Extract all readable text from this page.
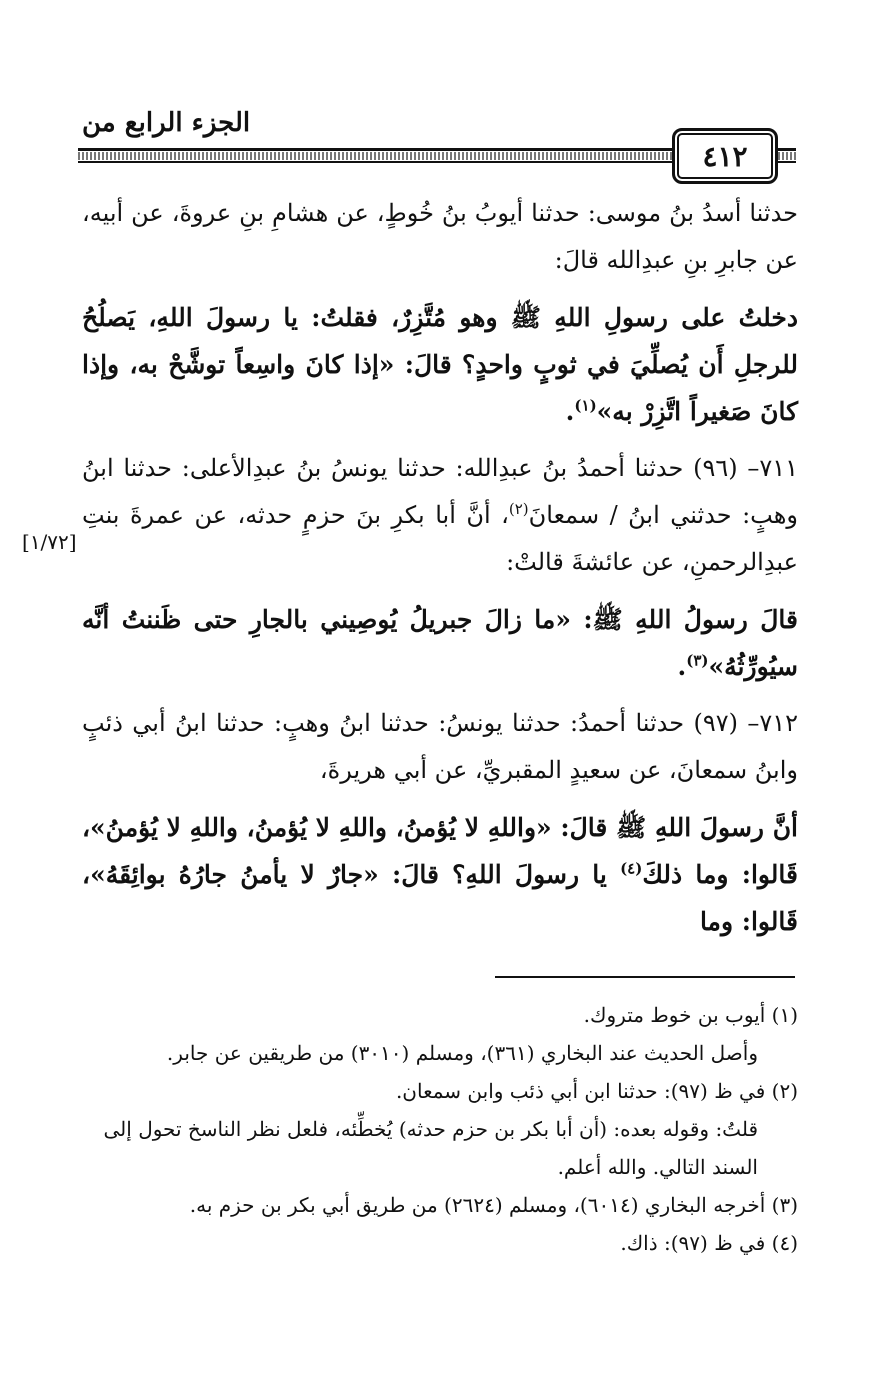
الجزء الرابع من
٤١٢
[١/٧٢]

حدثنا أسدُ بنُ موسى: حدثنا أيوبُ بنُ خُوطٍ، عن هشامِ بنِ عروةَ، عن أبيه، عن جابرِ بنِ عبدِالله قالَ:

دخلتُ على رسولِ اللهِ ﷺ وهو مُتَّزِرٌ، فقلتُ: يا رسولَ اللهِ، يَصلُحُ للرجلِ أَن يُصلِّيَ في ثوبٍ واحدٍ؟ قالَ: «إذا كانَ واسِعاً توشَّحْ به، وإذا كانَ صَغيراً اتَّزِرْ به»$^{(١)}$.

٧١١– (٩٦) حدثنا أحمدُ بنُ عبدِالله: حدثنا يونسُ بنُ عبدِالأعلى: حدثنا ابنُ وهبٍ: حدثني ابنُ / سمعانَ$^{(٢)}$، أنَّ أبا بكرِ بنَ حزمٍ حدثه، عن عمرةَ بنتِ عبدِالرحمنِ، عن عائشةَ قالتْ:

قالَ رسولُ اللهِ ﷺ: «ما زالَ جبريلُ يُوصِيني بالجارِ حتى ظَننتُ أنَّه سيُورِّثُهُ»$^{(٣)}$.

٧١٢– (٩٧) حدثنا أحمدُ: حدثنا يونسُ: حدثنا ابنُ وهبٍ: حدثنا ابنُ أبي ذئبٍ وابنُ سمعانَ، عن سعيدٍ المقبريِّ، عن أبي هريرةَ،

أنَّ رسولَ اللهِ ﷺ قالَ: «واللهِ لا يُؤمنُ، واللهِ لا يُؤمنُ، واللهِ لا يُؤمنُ»، قَالوا: وما ذلكَ$^{(٤)}$ يا رسولَ اللهِ؟ قالَ: «جارٌ لا يأمنُ جارُهُ بوائِقَهُ»، قَالوا: وما

(١) أيوب بن خوط متروك.

وأصل الحديث عند البخاري (٣٦١)، ومسلم (٣٠١٠) من طريقين عن جابر.

(٢) في ظ (٩٧): حدثنا ابن أبي ذئب وابن سمعان.

قلتُ: وقوله بعده: (أن أبا بكر بن حزم حدثه) يُخطِّئه، فلعل نظر الناسخ تحول إلى السند التالي. والله أعلم.

(٣) أخرجه البخاري (٦٠١٤)، ومسلم (٢٦٢٤) من طريق أبي بكر بن حزم به.

(٤) في ظ (٩٧): ذاك.
